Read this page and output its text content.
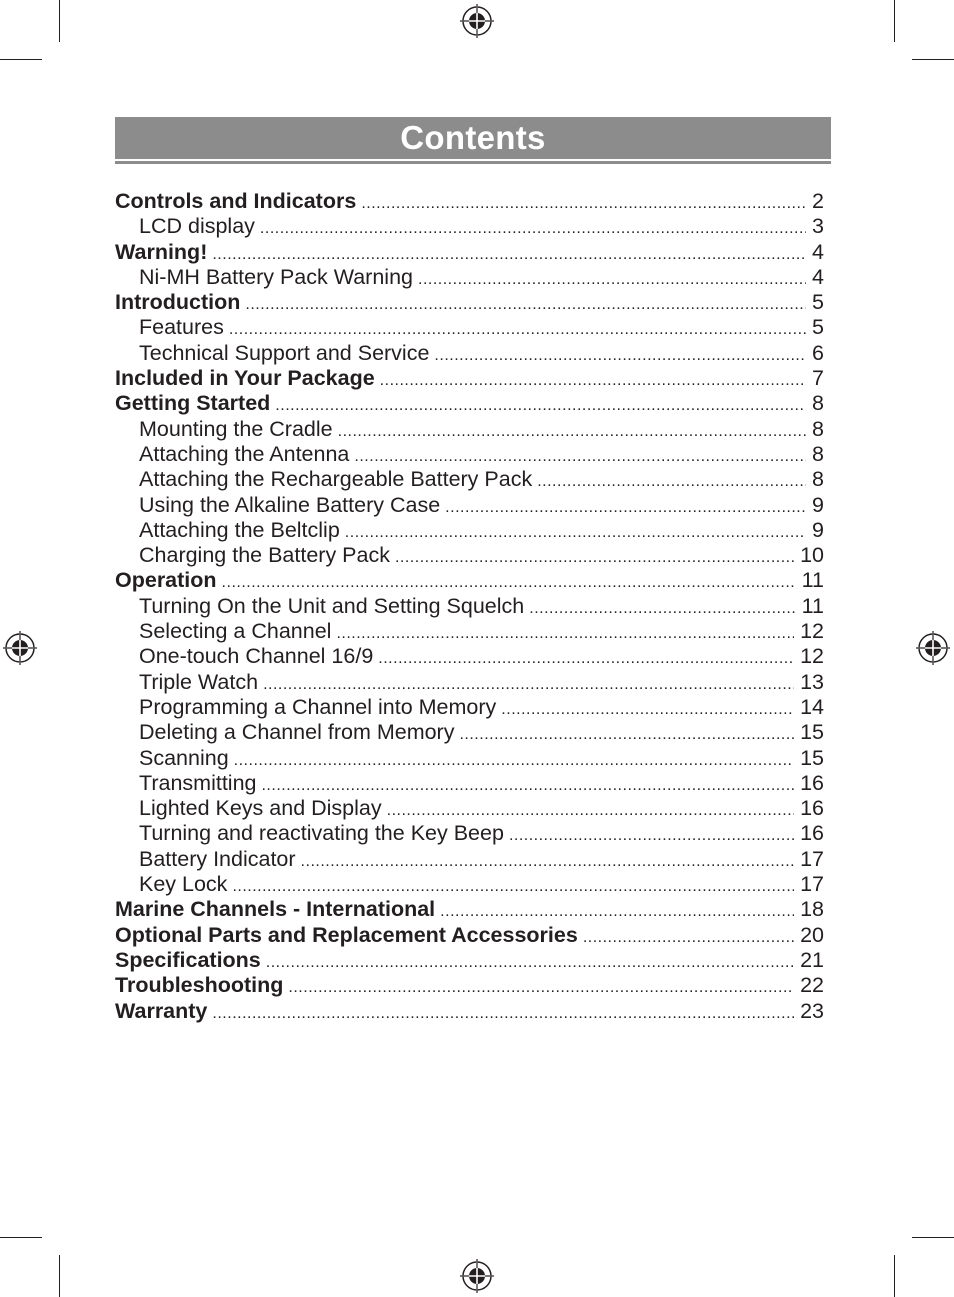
Contents
Controls and Indicators .....	2
LCD display .....	3
Warning! .....	4
Ni-MH Battery Pack Warning .....	4
Introduction .....	5
Features .....	5
Technical Support and Service .....	6
Included in Your Package .....	7
Getting Started .....	8
Mounting the Cradle .....	8
Attaching the Antenna .....	8
Attaching the Rechargeable Battery Pack .....	8
Using the Alkaline Battery Case .....	9
Attaching the Beltclip .....	9
Charging the Battery Pack .....	10
Operation .....	11
Turning On the Unit and Setting Squelch .....	11
Selecting a Channel .....	12
One-touch Channel 16/9 .....	12
Triple Watch .....	13
Programming a Channel into Memory .....	14
Deleting a Channel from Memory .....	15
Scanning .....	15
Transmitting .....	16
Lighted Keys and Display .....	16
Turning and reactivating the Key Beep .....	16
Battery Indicator .....	17
Key Lock .....	17
Marine Channels - International .....	18
Optional Parts and Replacement Accessories .....	20
Specifications .....	21
Troubleshooting .....	22
Warranty .....	23
